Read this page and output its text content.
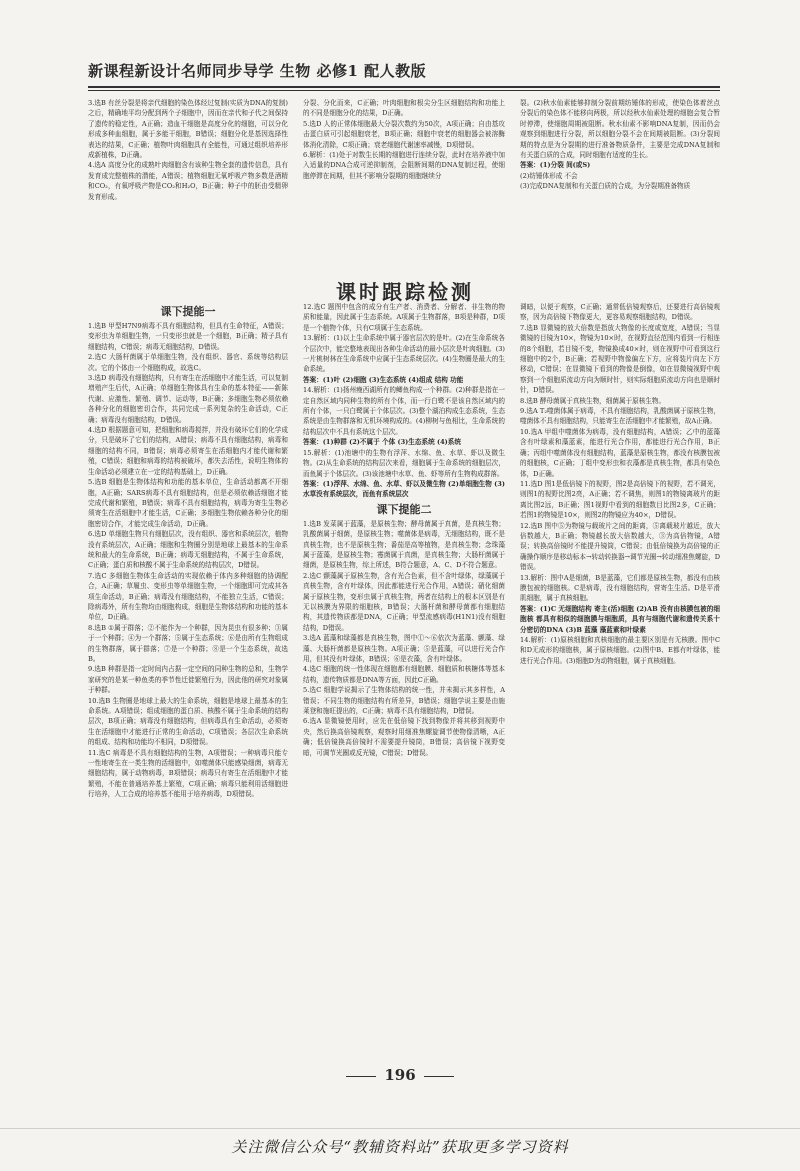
新课程新设计名师同步导学 生物 必修1 配人教版

3.选B 有丝分裂是将亲代细胞的染色体经过复制(实质为DNA的复制)之后，精确地平均分配到两个子细胞中，因而在亲代和子代之间保持了遗传的稳定性，A正确；造血干细胞是高度分化的细胞，可以分化形成多种血细胞，属于多能干细胞，B错误；细胞分化是基因选择性表达的结果，C正确；植物叶肉细胞具有全能性，可通过组织培养形成新植株，D正确。

4.选A 高度分化的成熟叶肉细胞含有该种生物全套的遗传信息，具有发育成完整植株的潜能，A错误；植物细胞无氧呼吸产物多数是酒精和CO₂，有氧呼吸产物是CO₂和H₂O，B正确；种子中的胚由受精卵发育形成。

分裂、分化而来，C正确；叶肉细胞和根尖分生区细胞结构和功能上的不同是细胞分化的结果，D正确。

5.选D 人的正常体细胞最大分裂次数约为50次，A项正确；自由基攻击蛋白质可引起细胞衰老，B项正确；细胞中衰老的细胞器会被溶酶体消化清除，C项正确；衰老细胞代谢速率减慢，D项错误。

6.解析：(1)处于对数生长期的细胞进行连续分裂，此时在培养液中加入适量的DNA合成可逆抑制剂，会阻断间期的DNA复制过程，使细胞停滞在间期，但其不影响分裂期的细胞继续分

裂。(2)秋水仙素能够抑制分裂前期纺锤体的形成，使染色体着丝点分裂后的染色体不能移向两极，所以经秋水仙素处理的细胞会复合暂时停滞，使细胞周期被阻断。秋水仙素不影响DNA复制，因而仍会观察到细胞进行分裂，所以细胞分裂不会在间期被阻断。(3)分裂间期的特点是为分裂期的进行准备物质条件，主要是完成DNA复制和有关蛋白质的合成，同时细胞有适度的生长。

答案：(1)分裂 间(或S)

(2)纺锤体形成 不会

(3)完成DNA复制和有关蛋白质的合成，为分裂期准备物质

课时跟踪检测
课下提能一

1.选B 甲型H7N9病毒不具有细胞结构，但具有生命特征，A错误；变形虫为单细胞生物，一只变形虫就是一个细胞，B正确；精子具有细胞结构，C错误；病毒无细胞结构，D错误。

2.选C 大肠杆菌属于单细胞生物，没有组织、器官、系统等结构层次。它的个体由一个细胞构成，故选C。

3.选D 病毒没有细胞结构，只有寄生在活细胞中才能生活，可以复制增殖产生后代，A正确；单细胞生物体具有生命的基本特征——新陈代谢、应激性、繁殖、调节、运动等，B正确；多细胞生物必须依赖各种分化的细胞密切合作，共同完成一系列复杂的生命活动，C正确；病毒没有细胞结构，D错误。

4.选D 根据题意可知，把细胞和病毒搅拌，并没有破坏它们的化学成分，只是破坏了它们的结构，A错误；病毒不具有细胞结构，病毒和细胞的结构不同，B错误；病毒必须寄生在活细胞内才能代谢和繁殖，C错误；细胞和病毒的结构被破坏，都失去活性，说明生物体的生命活动必须建立在一定的结构基础上，D正确。

5.选B 细胞是生物体结构和功能的基本单位，生命活动都离不开细胞，A正确；SARS病毒不具有细胞结构，但是必须依赖活细胞才能完成代谢和繁殖，B错误；病毒不具有细胞结构，病毒为寄生生物必须寄生在活细胞中才能生活，C正确；多细胞生物依赖各种分化的细胞密切合作，才能完成生命活动，D正确。

6.选D 单细胞生物只有细胞层次，没有组织、器官和系统层次，植物没有系统层次，A正确；细胞和生物圈分别是地球上最基本的生命系统和最大的生命系统，B正确；病毒无细胞结构，不属于生命系统，C正确；蛋白质和核酸不属于生命系统的结构层次，D错误。

7.选C 多细胞生物体生命活动的实现依赖于体内多种细胞的协调配合，A正确；草履虫、变形虫等单细胞生物，一个细胞即可完成其各项生命活动，B正确；病毒没有细胞结构，不能独立生活，C错误；除病毒外，所有生物均由细胞构成，细胞是生物体结构和功能的基本单位，D正确。

8.选B ①属于群落；②不能作为一个种群，因为昆虫有很多种；③属于一个种群；④为一个群落；⑤属于生态系统；⑥是由所有生物组成的生物群落，属于群落；⑦是一个种群；⑧是一个生态系统，故选B。

9.选B 种群是指一定时间内占据一定空间的同种生物的总和，生物学家研究的是某一种鱼类的季节性迁徙繁殖行为，因此他的研究对象属于种群。

10.选B 生物圈是地球上最大的生命系统，细胞是地球上最基本的生命系统。A项错误；组成细胞的蛋白质、核酸不属于生命系统的结构层次，B项正确；病毒没有细胞结构，但病毒具有生命活动，必须寄生在活细胞中才能进行正常的生命活动，C项错误；各层次生命系统的组成、结构和功能均不相同，D项错误。

11.选C 病毒是不具有细胞结构的生物，A项错误；一种病毒只能专一性地寄生在一类生物的活细胞中，如噬菌体只能感染细菌，病毒无细胞结构，属于动物病毒，B项错误；病毒只有寄生在活细胞中才能繁殖，不能在普通培养基上繁殖，C项正确；病毒只能利用活细胞进行培养，人工合成的培养基不能用于培养病毒，D项错误。

12.选C 题图中包含的成分有生产者、消费者、分解者、非生物的物质和能量，因此属于生态系统。A项属于生物群落，B项是种群，D项是一个植物个体，只有C项属于生态系统。

13.解析：(1)以上生命系统中属于器官层次的是叶。(2)在生命系统各个层次中，能完整地表现出各种生命活动的最小层次是叶肉细胞。(3)一片桃树林在生命系统中应属于生态系统层次。(4)生物圈是最大的生命系统。

答案：(1)叶 (2)细胞 (3)生态系统 (4)组成 结构 功能

14.解析：(1)扬州瘦西湖所有的鲫鱼构成一个种群。(2)种群是指在一定自然区域内同种生物的所有个体，而一行白鹭不是该自然区域内的所有个体，一只白鹭属于个体层次。(3)整个湖泊构成生态系统，生态系统是由生物群落和无机环境构成的。(4)柳树与鱼相比，生命系统的结构层次中不具有系统这个层次。

答案：(1)种群 (2)不属于 个体 (3)生态系统 (4)系统

15.解析：(1)池塘中的生物有浮萍、水绵、鱼、水草、虾以及微生物。(2)从生命系统的结构层次来看，细胞属于生命系统的细胞层次，而鱼属于个体层次。(3)该池塘中水草、鱼、虾等所有生物构成群落。

答案：(1)浮萍、水绵、鱼、水草、虾以及微生物 (2)单细胞生物 (3)水草没有系统层次，而鱼有系统层次

课下提能二

1.选B 发菜属于蓝藻，是原核生物；酵母菌属于真菌，是真核生物；乳酸菌属于细菌，是原核生物；噬菌体是病毒，无细胞结构，既不是真核生物，也不是原核生物；番茄是高等植物，是真核生物；念珠藻属于蓝藻，是原核生物；霉菌属于真菌，是真核生物；大肠杆菌属于细菌，是原核生物，综上所述，B符合题意，A、C、D不符合题意。

2.选C 颤藻属于原核生物，含有光合色素，但不含叶绿体，绿藻属于真核生物，含有叶绿体，因此都能进行光合作用，A错误；硝化细菌属于原核生物，变形虫属于真核生物，两者在结构上的根本区别是有无以核膜为界限的细胞核，B错误；大肠杆菌和酵母菌都有细胞结构，其遗传物质都是DNA，C正确；甲型流感病毒(H1N1)没有细胞结构，D错误。

3.选A 蓝藻和绿藻都是真核生物，图中①～⑥依次为蓝藻、颤藻、绿藻、大肠杆菌都是原核生物。A项正确；⑤是蓝藻，可以进行光合作用，但其没有叶绿体，B错误；⑥是衣藻，含有叶绿体。

4.选C 细胞的统一性体现在细胞都有细胞膜、细胞质和核糖体等基本结构，遗传物质都是DNA等方面，因此C正确。

5.选C 细胞学说揭示了生物体结构的统一性，并未揭示其多样性，A错误；不同生物的细胞结构有所差异，B错误；细胞学说主要是由施莱登和施旺提出的，C正确；病毒不具有细胞结构，D错误。

6.选A 显微镜使用时，应先在低倍镜下找到物像并将其移到视野中央，然后换高倍镜观察，观察时用细准焦螺旋调节使物像清晰，A正确；低倍镜换高倍镜时不需要提升镜筒，B错误；高倍镜下视野变暗，可调节光圈或反光镜，C错误；D错误。

调暗，以便于观察，C正确；通常低倍镜观察后，还要进行高倍镜观察，因为高倍镜下物像更大，更容易观察细胞结构，D错误。

7.选B 显微镜的放大倍数是指放大物像的长度或宽度，A错误；当显微镜的目镜为10×，物镜为10×时，在视野直径范围内看到一行相连的8个细胞，若目镜不变，物镜换成40×时，则在视野中可看到这行细胞中的2个，B正确；若视野中物像偏左下方，应将装片向左下方移动，C错误；在显微镜下看到的物像是倒像，如在显微镜视野中观察到一个细胞质流动方向为顺时针，则实际细胞质流动方向也是顺时针，D错误。

8.选B 酵母菌属于真核生物，细菌属于原核生物。

9.选A T₂噬菌体属于病毒，不具有细胞结构，乳酸菌属于原核生物，噬菌体不具有细胞结构，只能寄生在活细胞中才能繁殖，故A正确。

10.选A 甲组中噬菌体为病毒，没有细胞结构，A错误；乙中的蓝藻含有叶绿素和藻蓝素，能进行光合作用，都能进行光合作用，B正确；丙组中噬菌体没有细胞结构，蓝藻是原核生物，都没有核膜包被的细胞核，C正确；丁组中变形虫和衣藻都是真核生物，都具有染色体，D正确。

11.选D 图1是低倍镜下的视野，图2是高倍镜下的视野，若不调光，则图1的视野比图2亮，A正确；若不调焦，则图1的物镜离玻片的距离比图2远，B正确；图1视野中看到的细胞数目比图2多，C正确；若图1的物镜是10×，则图2的物镜应为40×，D错误。

12.选B 图中⑤为物镜与载玻片之间的距离，⑤离载玻片越近，放大倍数越大，B正确；物镜越长放大倍数越大，③为高倍物镜，A错误；转换高倍镜时不能提升镜筒，C错误；由低倍镜换为高倍镜的正确操作顺序是移动标本→转动转换器→调节光圈→转动细准焦螺旋，D错误。

13.解析：图中A是细菌，B是蓝藻，它们都是原核生物，都没有由核膜包被的细胞核。C是病毒，没有细胞结构，营寄生生活。D是平滑肌细胞，属于真核细胞。

答案：(1)C 无细胞结构 寄主(活)细胞 (2)AB 没有由核膜包被的细胞核 都具有相似的细胞膜与细胞质，具有与细胞代谢和遗传关系十分密切的DNA (3)B 蓝藻 藻蓝素和叶绿素

14.解析：(1)原核细胞和真核细胞的最主要区别是有无核膜。图中C和D无成形的细胞核，属于原核细胞。(2)图中B、E都有叶绿体，能进行光合作用。(3)细胞D为动物细胞，属于真核细胞。

196
关注微信公众号“教辅资料站”获取更多学习资料
